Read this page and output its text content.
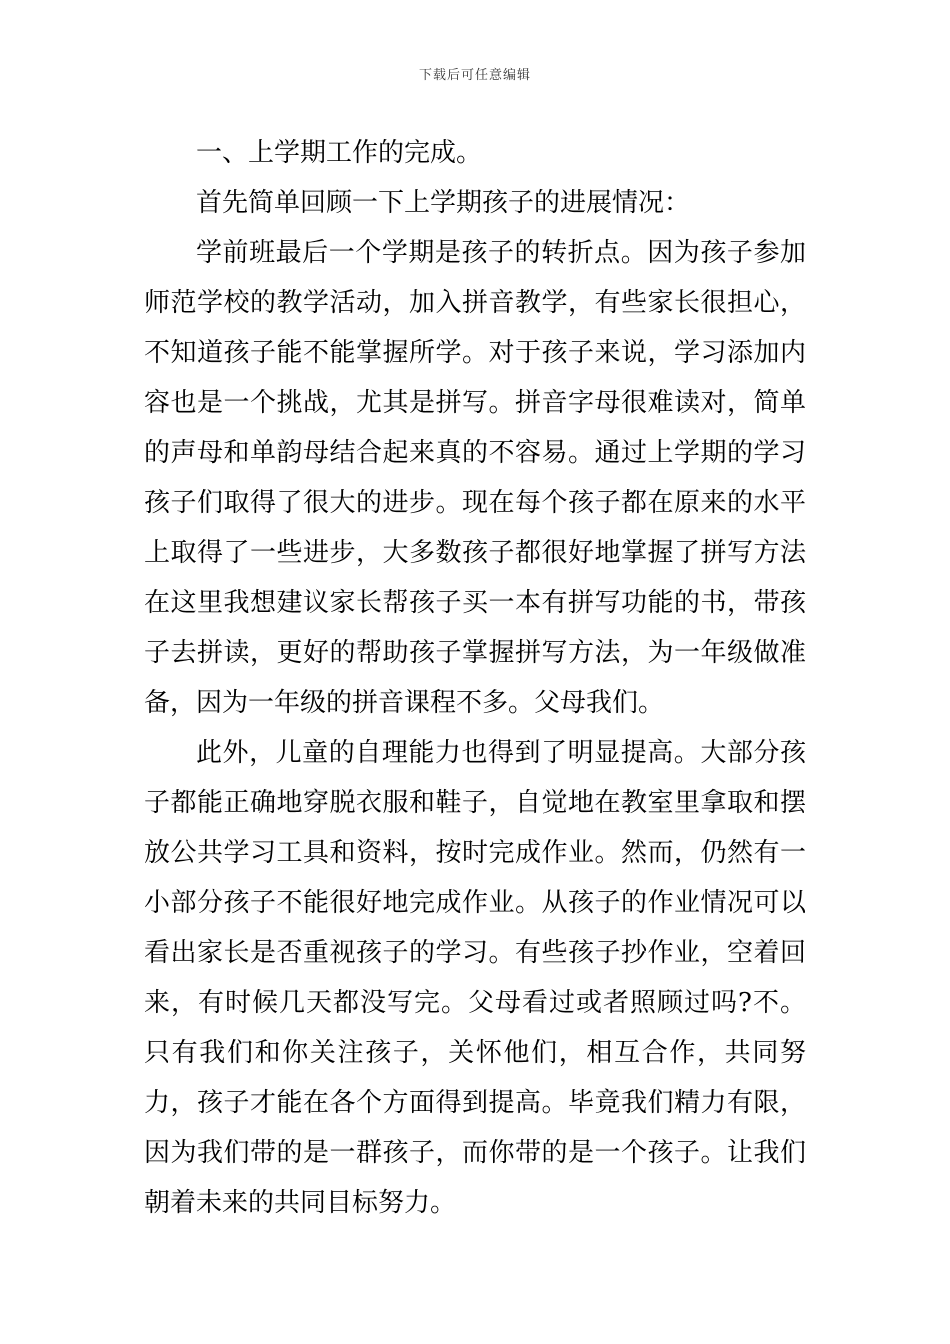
下载后可任意编辑

一、上学期工作的完成。

首先简单回顾一下上学期孩子的进展情况：

学前班最后一个学期是孩子的转折点。因为孩子参加师范学校的教学活动，加入拼音教学，有些家长很担心，不知道孩子能不能掌握所学。对于孩子来说，学习添加内容也是一个挑战，尤其是拼写。拼音字母很难读对，简单的声母和单韵母结合起来真的不容易。通过上学期的学习孩子们取得了很大的进步。现在每个孩子都在原来的水平上取得了一些进步，大多数孩子都很好地掌握了拼写方法在这里我想建议家长帮孩子买一本有拼写功能的书，带孩子去拼读，更好的帮助孩子掌握拼写方法，为一年级做准备，因为一年级的拼音课程不多。父母我们。

此外，儿童的自理能力也得到了明显提高。大部分孩子都能正确地穿脱衣服和鞋子，自觉地在教室里拿取和摆放公共学习工具和资料，按时完成作业。然而，仍然有一小部分孩子不能很好地完成作业。从孩子的作业情况可以看出家长是否重视孩子的学习。有些孩子抄作业，空着回来，有时候几天都没写完。父母看过或者照顾过吗?不。只有我们和你关注孩子，关怀他们，相互合作，共同努力，孩子才能在各个方面得到提高。毕竟我们精力有限，因为我们带的是一群孩子，而你带的是一个孩子。让我们朝着未来的共同目标努力。
